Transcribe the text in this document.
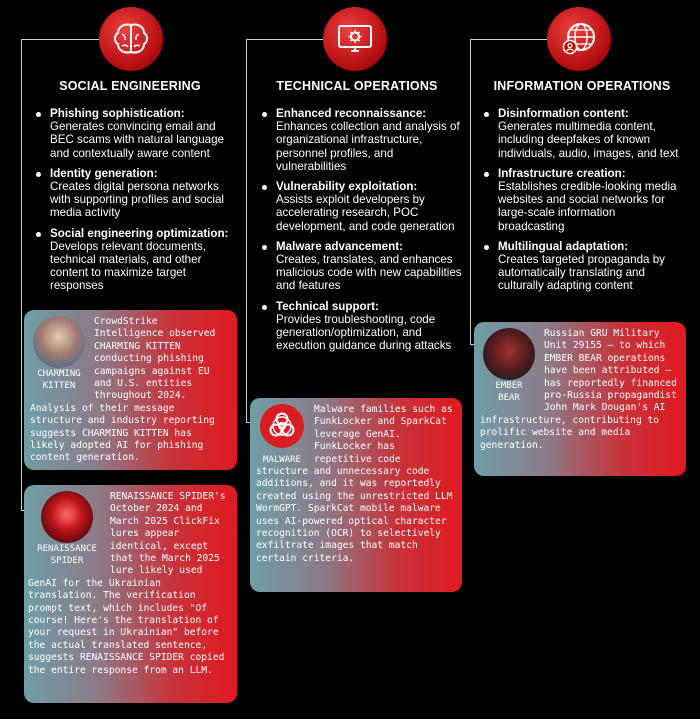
SOCIAL ENGINEERING	TECHNICAL OPERATIONS	INFORMATION OPERATIONS
Phishing sophistication:
Generates convincing email and BEC scams with natural language and contextually aware content
Identity generation:
Creates digital persona networks with supporting profiles and social media activity
Social engineering optimization:
Develops relevant documents, technical materials, and other content to maximize target responses
Enhanced reconnaissance:
Enhances collection and analysis of organizational infrastructure, personnel profiles, and vulnerabilities
Vulnerability exploitation:
Assists exploit developers by accelerating research, POC development, and code generation
Malware advancement:
Creates, translates, and enhances malicious code with new capabilities and features
Technical support:
Provides troubleshooting, code generation/optimization, and execution guidance during attacks
Disinformation content:
Generates multimedia content, including deepfakes of known individuals, audio, images, and text
Infrastructure creation:
Establishes credible-looking media websites and social networks for large-scale information broadcasting
Multilingual adaptation:
Creates targeted propaganda by automatically translating and culturally adapting content
CHARMING
KITTEN

CrowdStrike Intelligence observed CHARMING KITTEN conducting phishing campaigns against EU and U.S. entities throughout 2024. Analysis of their message structure and industry reporting suggests CHARMING KITTEN has likely adopted AI for phishing content generation.

RENAISSANCE
SPIDER

RENAISSANCE SPIDER's October 2024 and March 2025 ClickFix lures appear identical, except that the March 2025 lure likely used GenAI for the Ukrainian translation. The verification prompt text, which includes "Of course! Here's the translation of your request in Ukrainian" before the actual translated sentence, suggests RENAISSANCE SPIDER copied the entire response from an LLM.

MALWARE

Malware families such as FunkLocker and SparkCat leverage GenAI. FunkLocker has repetitive code structure and unnecessary code additions, and it was reportedly created using the unrestricted LLM WormGPT. SparkCat mobile malware uses AI-powered optical character recognition (OCR) to selectively exfiltrate images that match certain criteria.

EMBER
BEAR

Russian GRU Military Unit 29155 — to which EMBER BEAR operations have been attributed — has reportedly financed pro-Russia propagandist John Mark Dougan's AI infrastructure, contributing to prolific website and media generation.
